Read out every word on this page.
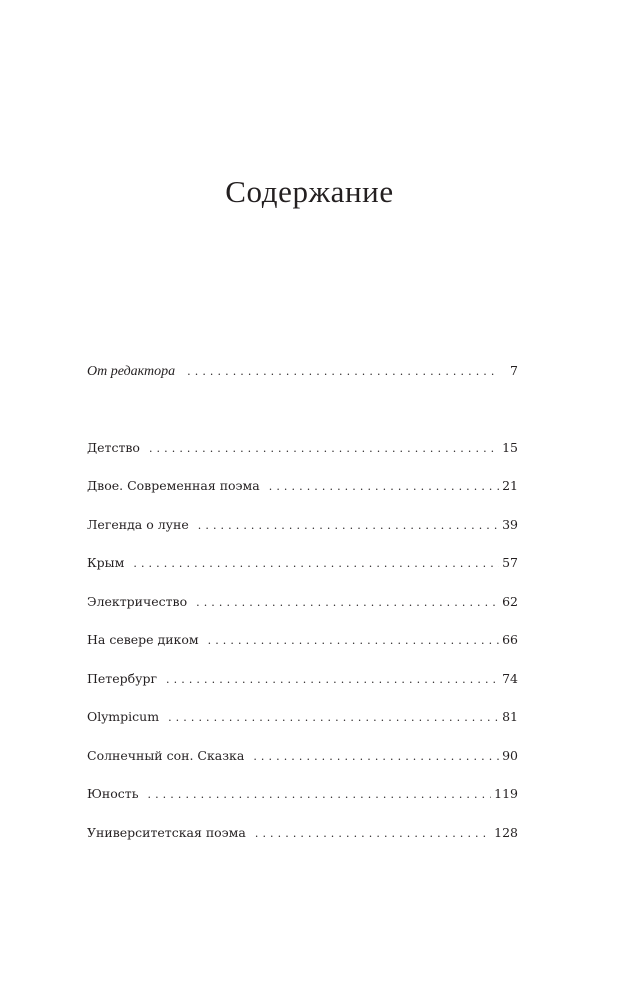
Содержание
От редактора . . .	7
Детство . . .	15
Двое. Современная поэма . . .	21
Легенда о луне . . .	39
Крым . . .	57
Электричество . . .	62
На севере диком . . .	66
Петербург . . .	74
Olympicum . . .	81
Солнечный сон. Сказка . . .	90
Юность . . .	119
Университетская поэма . . .	128
